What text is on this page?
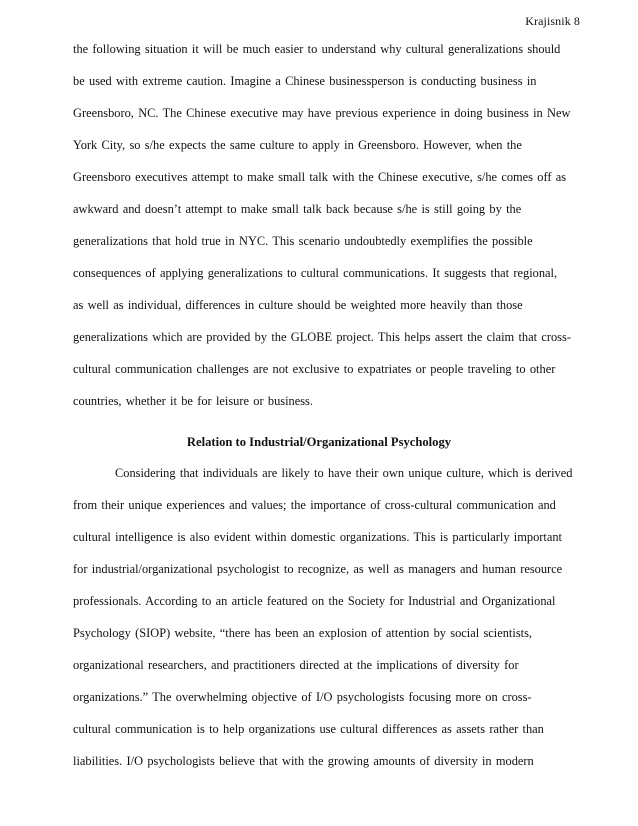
Krajisnik 8
the following situation it will be much easier to understand why cultural generalizations should
be used with extreme caution. Imagine a Chinese businessperson is conducting business in
Greensboro, NC. The Chinese executive may have previous experience in doing business in New
York City, so s/he expects the same culture to apply in Greensboro. However, when the
Greensboro executives attempt to make small talk with the Chinese executive, s/he comes off as
awkward and doesn’t attempt to make small talk back because s/he is still going by the
generalizations that hold true in NYC. This scenario undoubtedly exemplifies the possible
consequences of applying generalizations to cultural communications. It suggests that regional,
as well as individual, differences in culture should be weighted more heavily than those
generalizations which are provided by the GLOBE project. This helps assert the claim that cross-
cultural communication challenges are not exclusive to expatriates or people traveling to other
countries, whether it be for leisure or business.
Relation to Industrial/Organizational Psychology
Considering that individuals are likely to have their own unique culture, which is derived
from their unique experiences and values; the importance of cross-cultural communication and
cultural intelligence is also evident within domestic organizations. This is particularly important
for industrial/organizational psychologist to recognize, as well as managers and human resource
professionals. According to an article featured on the Society for Industrial and Organizational
Psychology (SIOP) website, “there has been an explosion of attention by social scientists,
organizational researchers, and practitioners directed at the implications of diversity for
organizations.” The overwhelming objective of I/O psychologists focusing more on cross-
cultural communication is to help organizations use cultural differences as assets rather than
liabilities. I/O psychologists believe that with the growing amounts of diversity in modern
